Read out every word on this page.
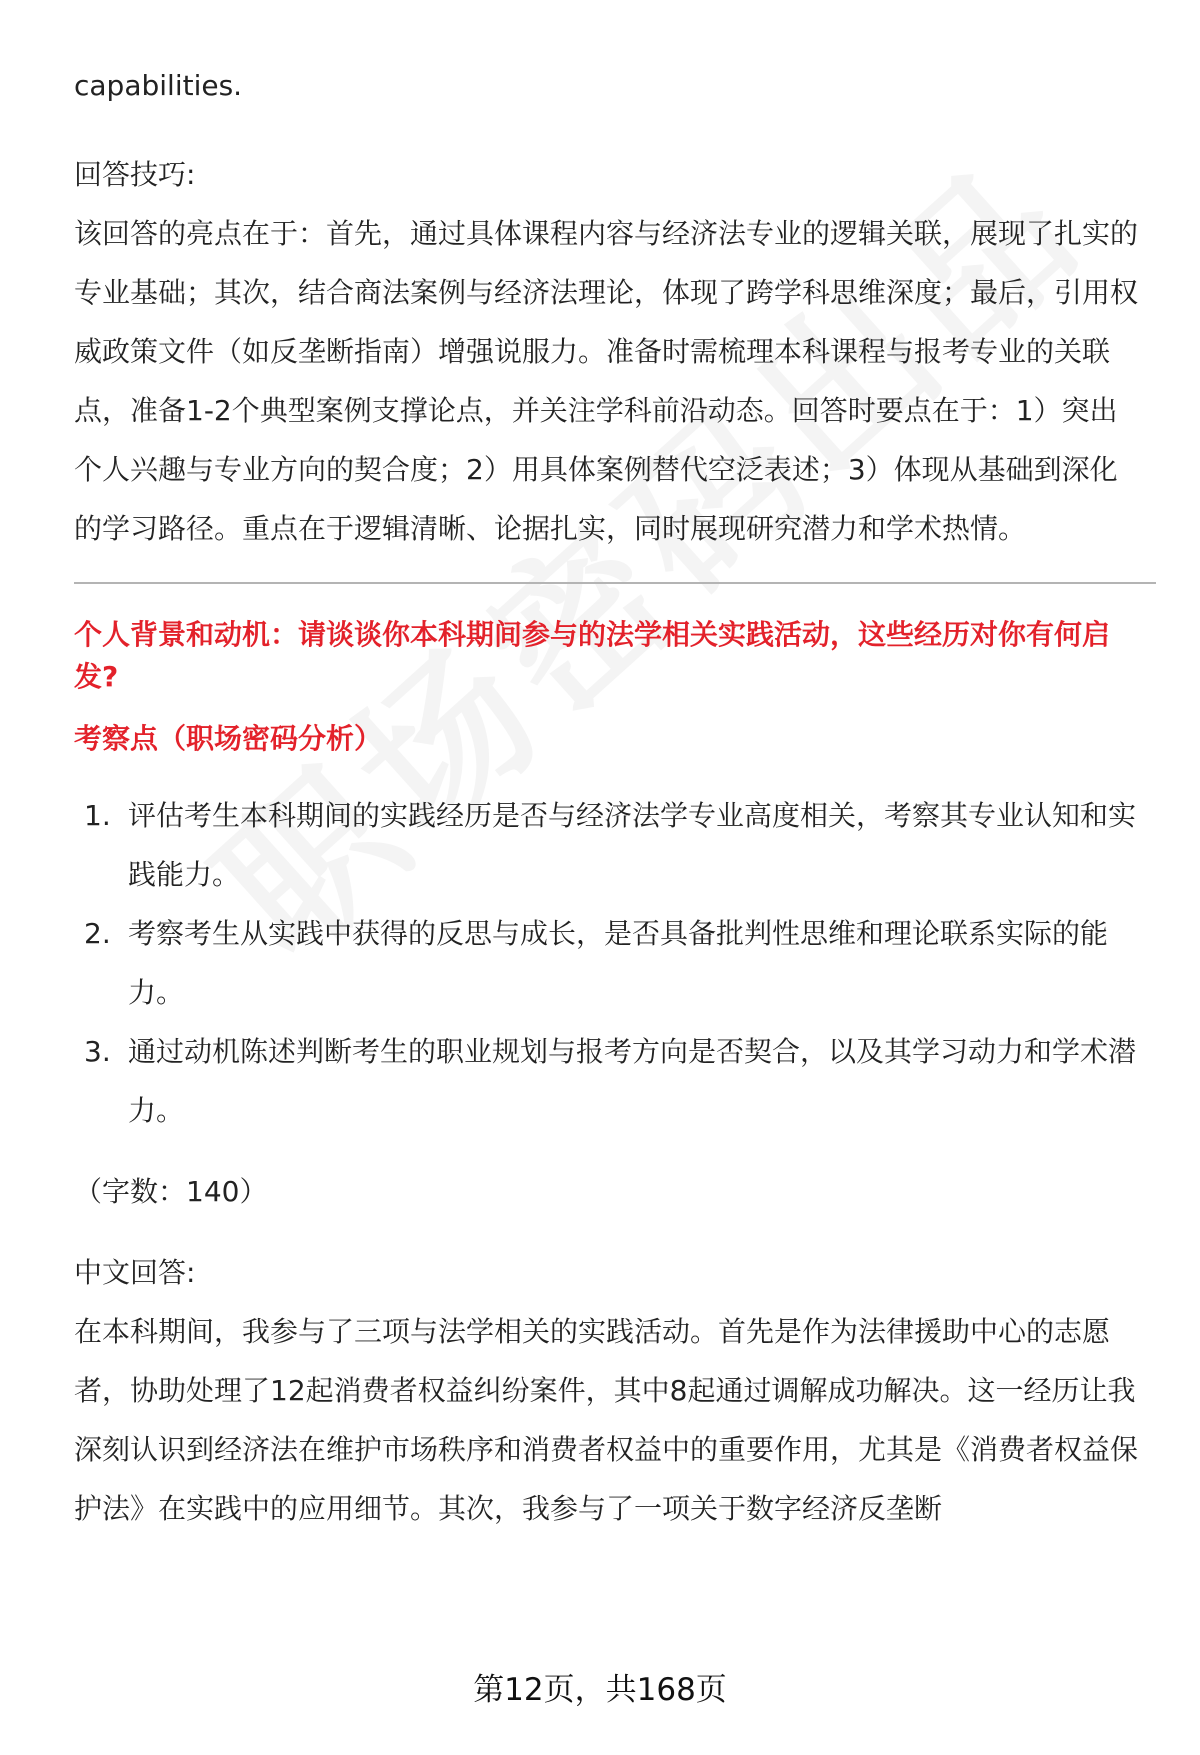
capabilities.

回答技巧:

该回答的亮点在于：首先，通过具体课程内容与经济法专业的逻辑关联，展现了扎实的专业基础；其次，结合商法案例与经济法理论，体现了跨学科思维深度；最后，引用权威政策文件（如反垄断指南）增强说服力。准备时需梳理本科课程与报考专业的关联点，准备1-2个典型案例支撑论点，并关注学科前沿动态。回答时要点在于：1）突出个人兴趣与专业方向的契合度；2）用具体案例替代空泛表述；3）体现从基础到深化的学习路径。重点在于逻辑清晰、论据扎实，同时展现研究潜力和学术热情。

个人背景和动机：请谈谈你本科期间参与的法学相关实践活动，这些经历对你有何启发?

考察点（职场密码分析）

1. 评估考生本科期间的实践经历是否与经济法学专业高度相关，考察其专业认知和实践能力。
2. 考察考生从实践中获得的反思与成长，是否具备批判性思维和理论联系实际的能力。
3. 通过动机陈述判断考生的职业规划与报考方向是否契合，以及其学习动力和学术潜力。

（字数：140）

中文回答:

在本科期间，我参与了三项与法学相关的实践活动。首先是作为法律援助中心的志愿者，协助处理了12起消费者权益纠纷案件，其中8起通过调解成功解决。这一经历让我深刻认识到经济法在维护市场秩序和消费者权益中的重要作用，尤其是《消费者权益保护法》在实践中的应用细节。其次，我参与了一项关于数字经济反垄断

第12页，共168页
